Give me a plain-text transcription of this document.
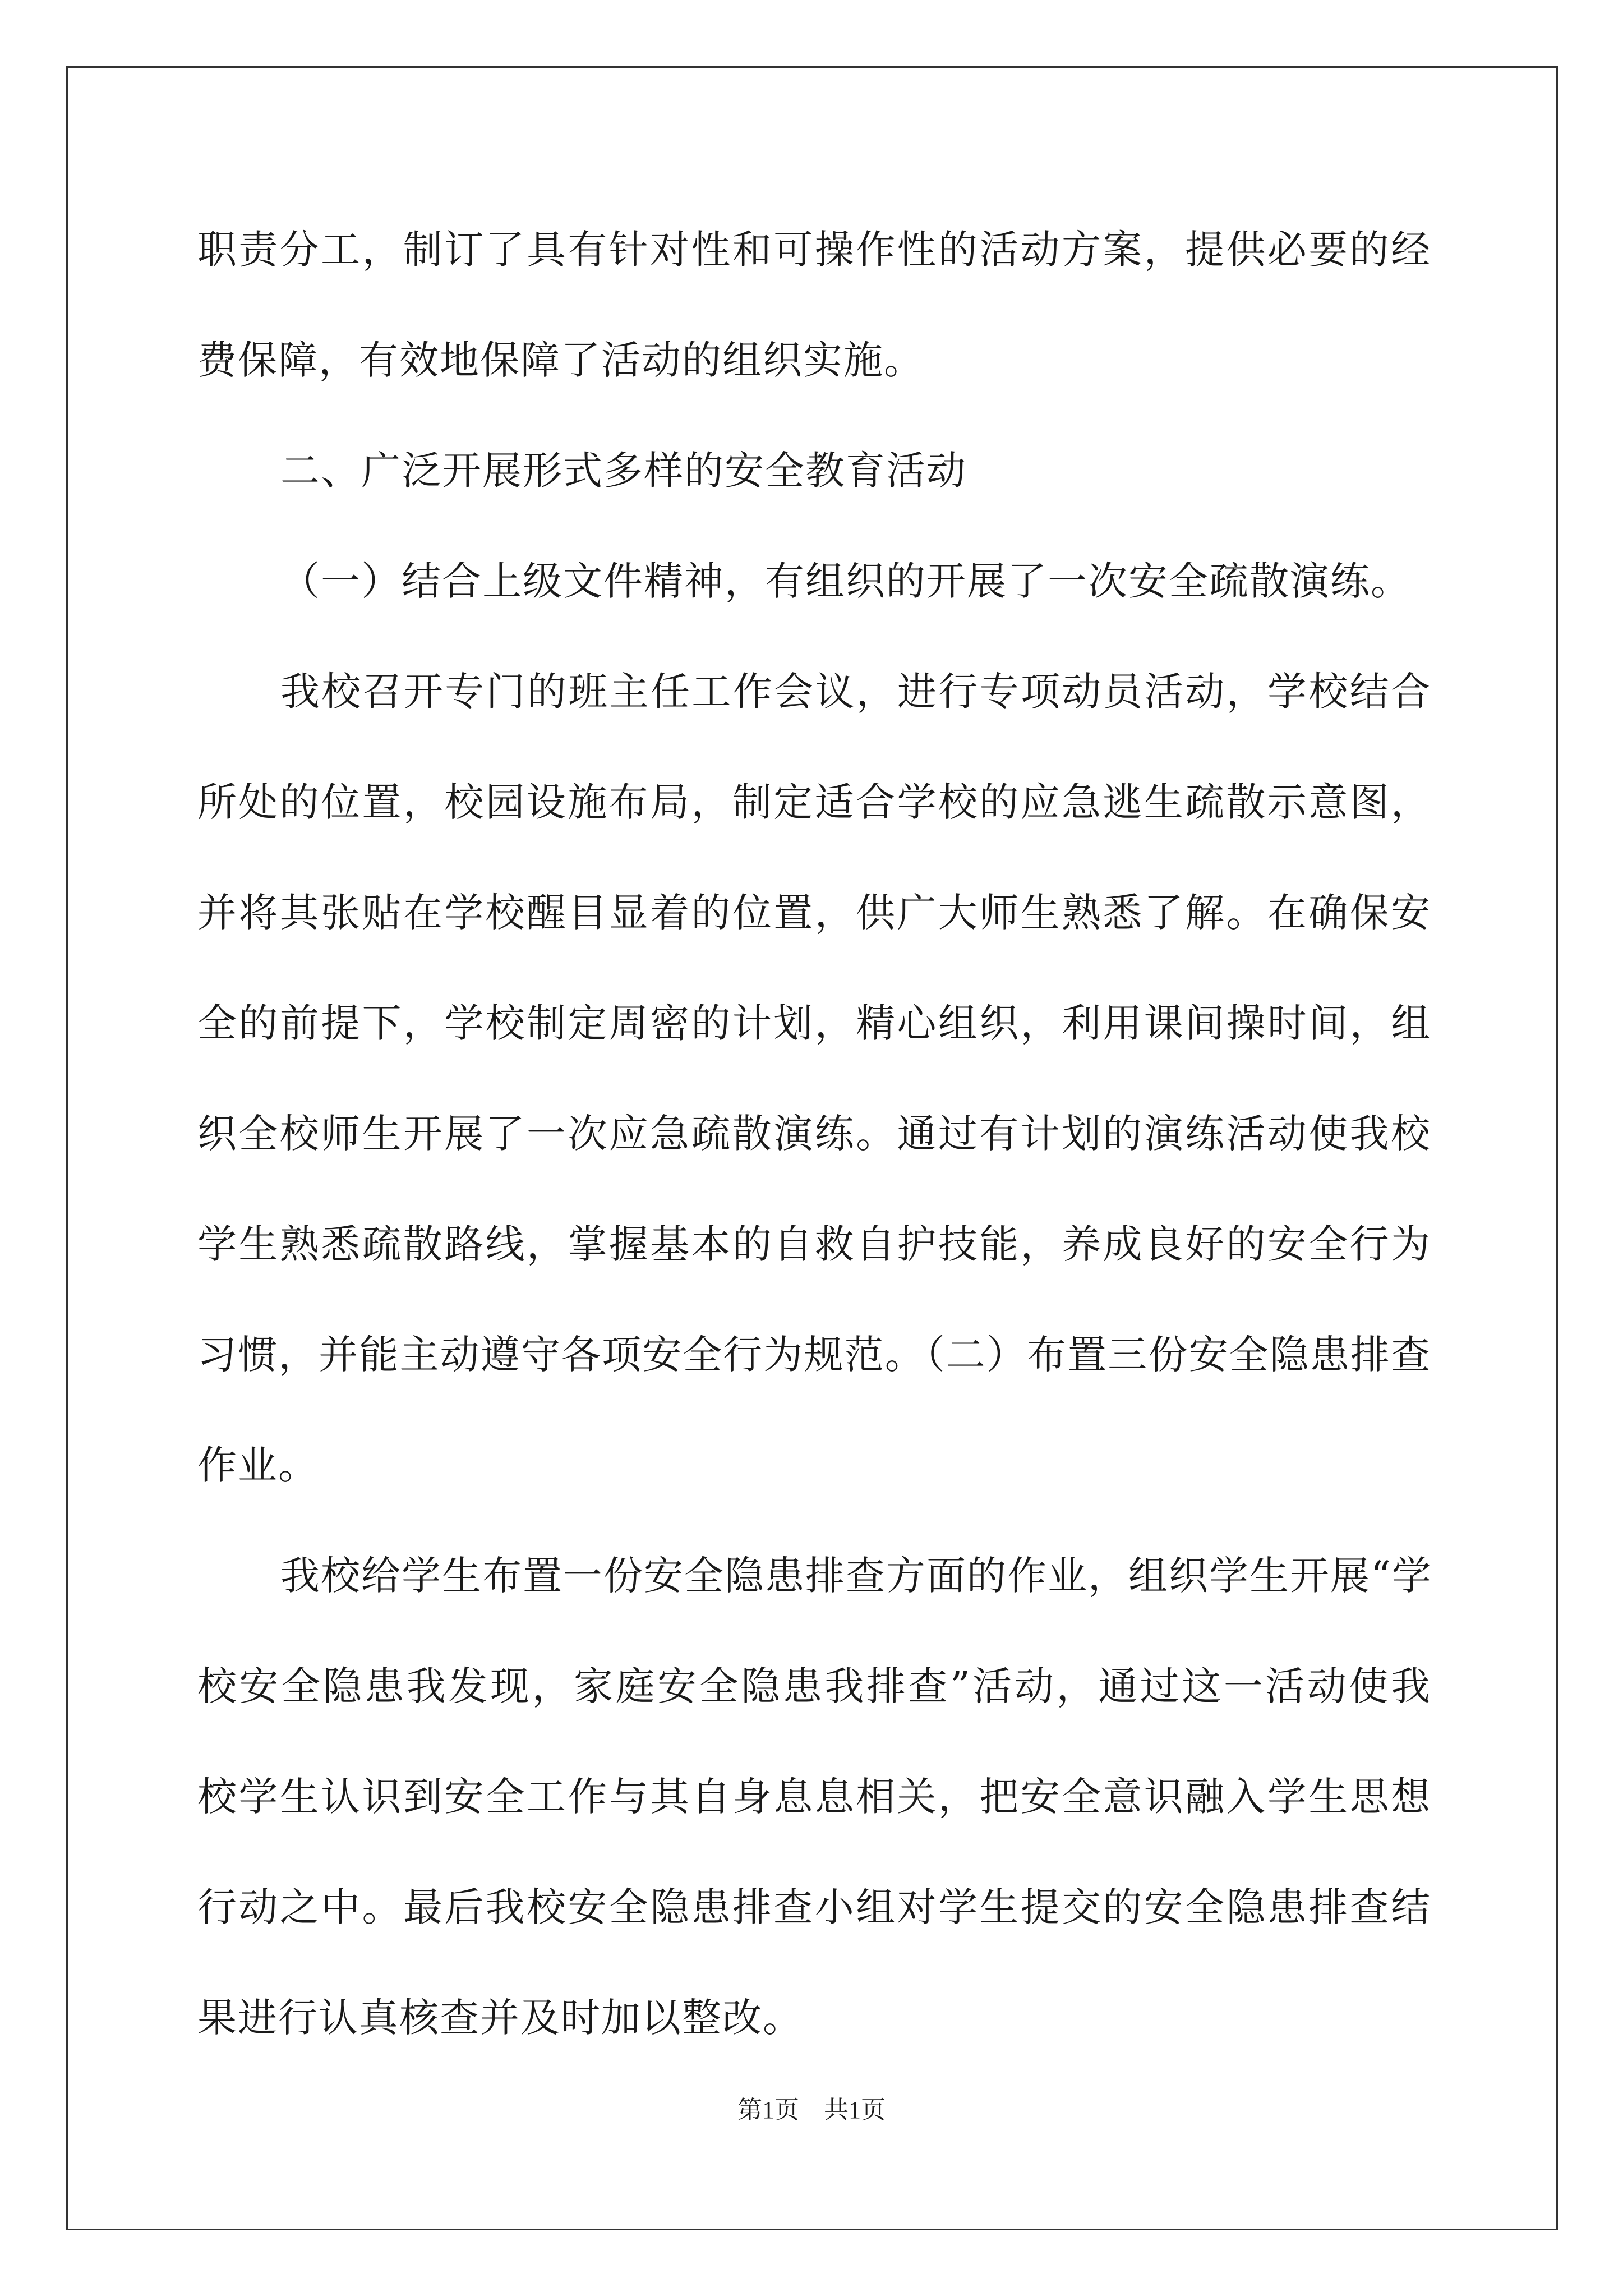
职责分工，制订了具有针对性和可操作性的活动方案，提供必要的经
费保障，有效地保障了活动的组织实施。
二、广泛开展形式多样的安全教育活动
（一）结合上级文件精神，有组织的开展了一次安全疏散演练。
我校召开专门的班主任工作会议，进行专项动员活动，学校结合
所处的位置，校园设施布局，制定适合学校的应急逃生疏散示意图，
并将其张贴在学校醒目显着的位置，供广大师生熟悉了解。在确保安
全的前提下，学校制定周密的计划，精心组织，利用课间操时间，组
织全校师生开展了一次应急疏散演练。通过有计划的演练活动使我校
学生熟悉疏散路线，掌握基本的自救自护技能，养成良好的安全行为
习惯，并能主动遵守各项安全行为规范。（二）布置三份安全隐患排查
作业。
我校给学生布置一份安全隐患排查方面的作业，组织学生开展“学
校安全隐患我发现，家庭安全隐患我排查”活动，通过这一活动使我
校学生认识到安全工作与其自身息息相关，把安全意识融入学生思想
行动之中。最后我校安全隐患排查小组对学生提交的安全隐患排查结
果进行认真核查并及时加以整改。
第1页　共1页
